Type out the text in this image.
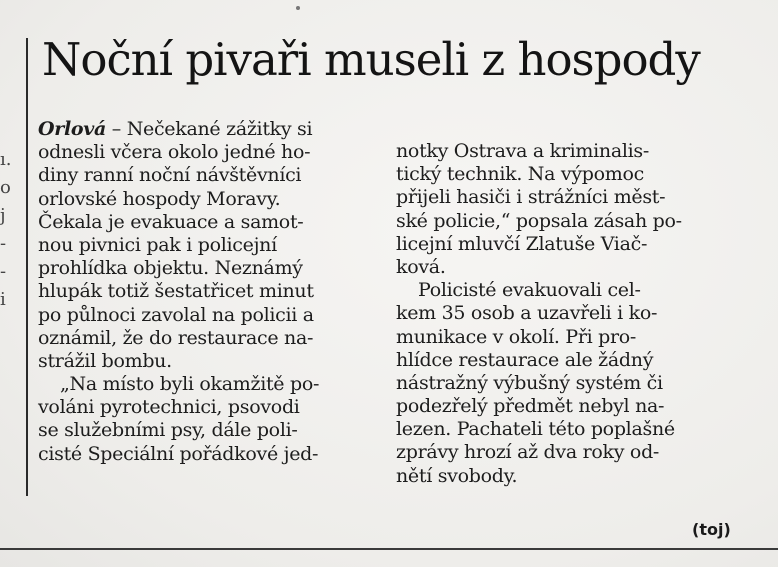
ı.
o
j
-
-
i
Noční pivaři museli z hospody
Orlová – Nečekané zážitky si
odnesli včera okolo jedné ho-
diny ranní noční návštěvníci
orlovské hospody Moravy.
Čekala je evakuace a samot-
nou pivnici pak i policejní
prohlídka objektu. Neznámý
hlupák totiž šestatřicet minut
po půlnoci zavolal na policii a
oznámil, že do restaurace na-
strážil bombu.
„Na místo byli okamžitě po-
voláni pyrotechnici, psovodi
se služebními psy, dále poli-
cisté Speciální pořádkové jed-
notky Ostrava a kriminalis-
tický technik. Na výpomoc
přijeli hasiči i strážníci měst-
ské policie,“ popsala zásah po-
licejní mluvčí Zlatuše Viač-
ková.
Policisté evakuovali cel-
kem 35 osob a uzavřeli i ko-
munikace v okolí. Při pro-
hlídce restaurace ale žádný
nástražný výbušný systém či
podezřelý předmět nebyl na-
lezen. Pachateli této poplašné
zprávy hrozí až dva roky od-
nětí svobody.
(toj)
